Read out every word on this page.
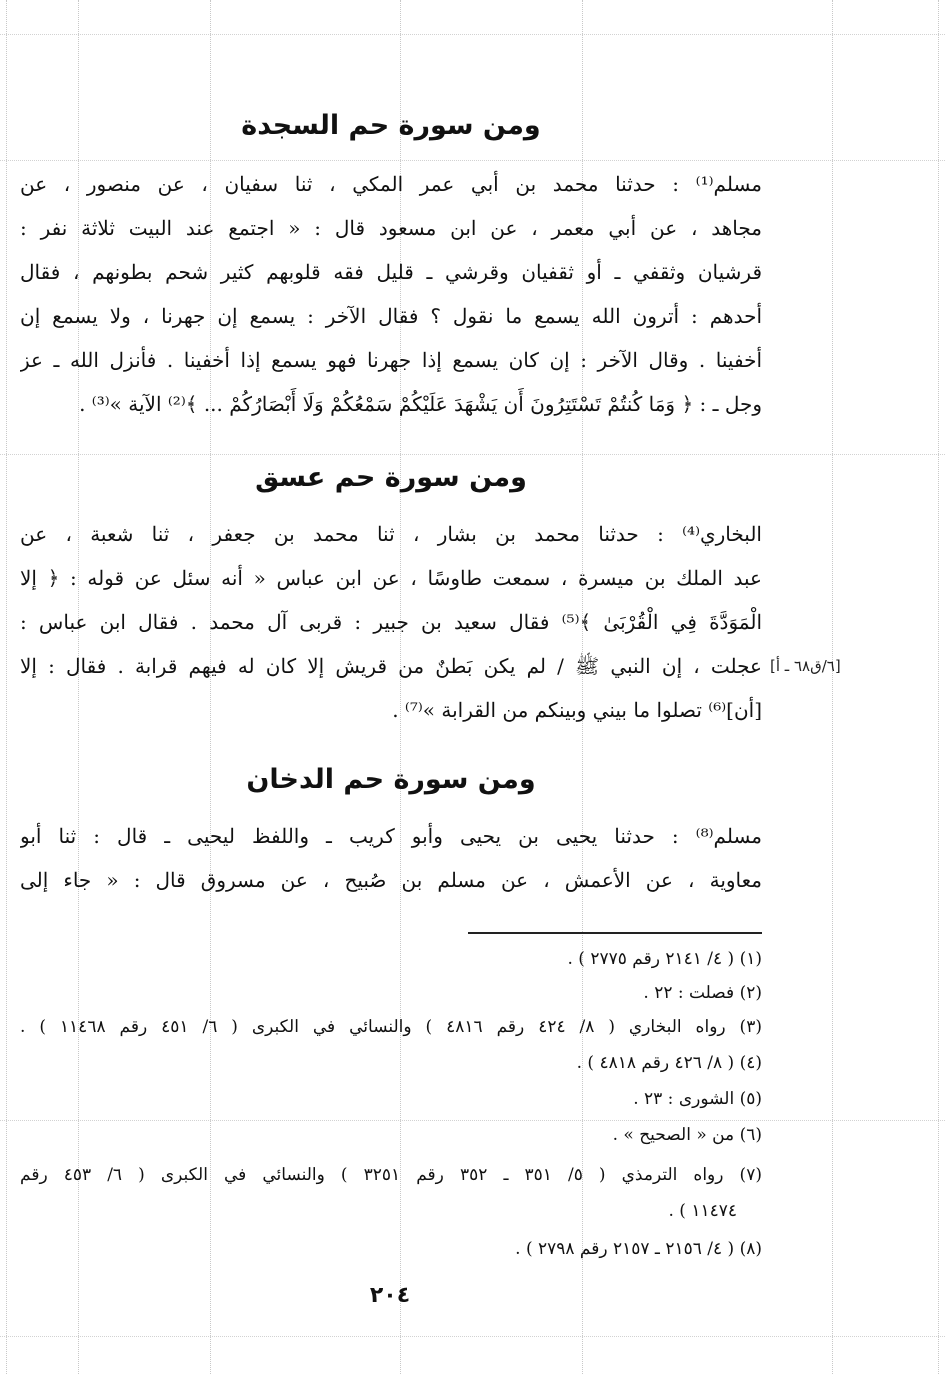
ومن سورة حم السجدة
مسلم⁽¹⁾ : حدثنا محمد بن أبي عمر المكي ، ثنا سفيان ، عن منصور ، عن
مجاهد ، عن أبي معمر ، عن ابن مسعود قال : « اجتمع عند البيت ثلاثة نفر :
قرشيان وثقفي ـ أو ثقفيان وقرشي ـ قليل فقه قلوبهم كثير شحم بطونهم ، فقال
أحدهم : أترون الله يسمع ما نقول ؟ فقال الآخر : يسمع إن جهرنا ، ولا يسمع إن
أخفينا . وقال الآخر : إن كان يسمع إذا جهرنا فهو يسمع إذا أخفينا . فأنزل الله ـ عز
وجل ـ : ﴿ وَمَا كُنتُمْ تَسْتَتِرُونَ أَن يَشْهَدَ عَلَيْكُمْ سَمْعُكُمْ وَلَا أَبْصَارُكُمْ ... ﴾⁽²⁾ الآية »⁽³⁾ .
ومن سورة حم عسق
البخاري⁽⁴⁾ : حدثنا محمد بن بشار ، ثنا محمد بن جعفر ، ثنا شعبة ، عن
عبد الملك بن ميسرة ، سمعت طاوسًا ، عن ابن عباس « أنه سئل عن قوله : ﴿ إلا
الْمَوَدَّةَ فِي الْقُرْبَىٰ ﴾⁽⁵⁾ فقال سعيد بن جبير : قربى آل محمد . فقال ابن عباس :
عجلت ، إن النبي ﷺ / لم يكن بَطنٌ من قريش إلا كان له فيهم قرابة . فقال : إلا
[أن]⁽⁶⁾ تصلوا ما بيني وبينكم من القرابة »⁽⁷⁾ .
[٦/ق٦٨ ـ أ]
ومن سورة حم الدخان
مسلم⁽⁸⁾ : حدثنا يحيى بن يحيى وأبو كريب ـ واللفظ ليحيى ـ قال : ثنا أبو
معاوية ، عن الأعمش ، عن مسلم بن صُبيح ، عن مسروق قال : « جاء إلى
(١) ( ٤/ ٢١٤١ رقم ٢٧٧٥ ) .
(٢) فصلت : ٢٢ .
(٣) رواه البخاري ( ٨/ ٤٢٤ رقم ٤٨١٦ ) والنسائي في الكبرى ( ٦/ ٤٥١ رقم ١١٤٦٨ ) .
(٤) ( ٨/ ٤٢٦ رقم ٤٨١٨ ) .
(٥) الشورى : ٢٣ .
(٦) من « الصحيح » .
(٧) رواه الترمذي ( ٥/ ٣٥١ ـ ٣٥٢ رقم ٣٢٥١ ) والنسائي في الكبرى ( ٦/ ٤٥٣ رقم
١١٤٧٤ ) .
(٨) ( ٤/ ٢١٥٦ ـ ٢١٥٧ رقم ٢٧٩٨ ) .
٢٠٤
